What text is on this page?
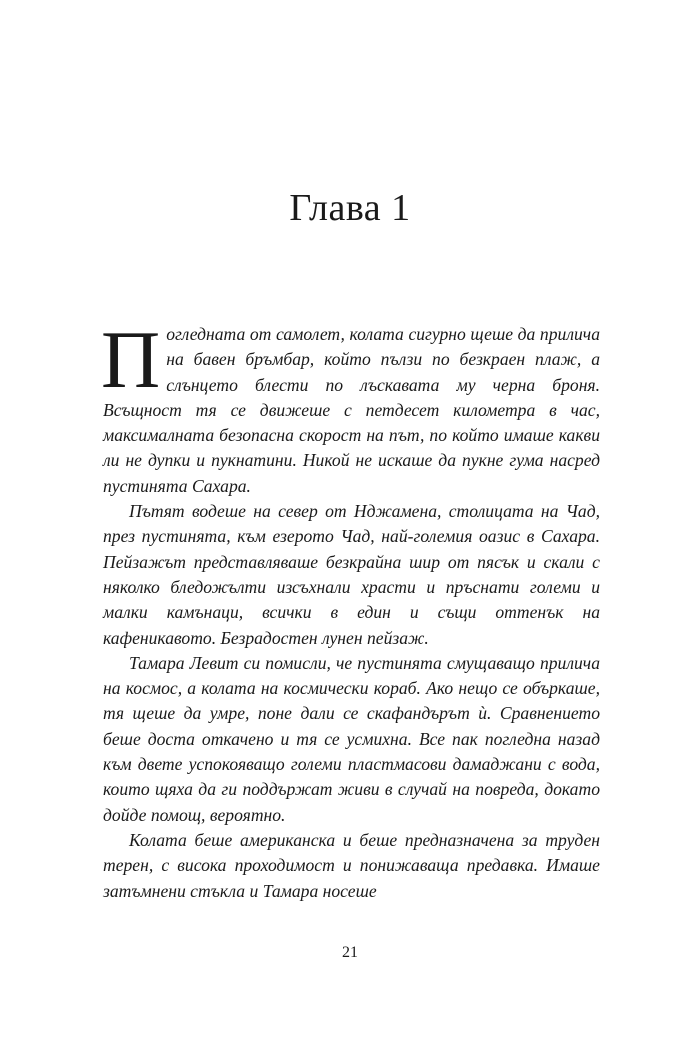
Глава 1

Погледната от самолет, колата сигурно щеше да прилича на бавен бръмбар, който пълзи по безкраен плаж, а слънцето блести по лъскавата му черна броня. Всъщност тя се движеше с петдесет километра в час, максималната безопасна скорост на път, по който имаше какви ли не дупки и пукнатини. Никой не искаше да пукне гума насред пустинята Сахара.

Пътят водеше на север от Нджамена, столицата на Чад, през пустинята, към езерото Чад, най-големия оазис в Сахара. Пейзажът представляваше безкрайна шир от пясък и скали с няколко бледожълти изсъхнали храсти и пръснати големи и малки камънаци, всички в един и същи оттенък на кафеникавото. Безрадостен лунен пейзаж.

Тамара Левит си помисли, че пустинята смущаващо прилича на космос, а колата на космически кораб. Ако нещо се объркаше, тя щеше да умре, поне дали се скафандърът ѝ. Сравнението беше доста откачено и тя се усмихна. Все пак погледна назад към двете успокояващо големи пластмасови дамаджани с вода, които щяха да ги поддържат живи в случай на повреда, докато дойде помощ, вероятно.

Колата беше американска и беше предназначена за труден терен, с висока проходимост и понижаваща предавка. Имаше затъмнени стъкла и Тамара носеше

21
